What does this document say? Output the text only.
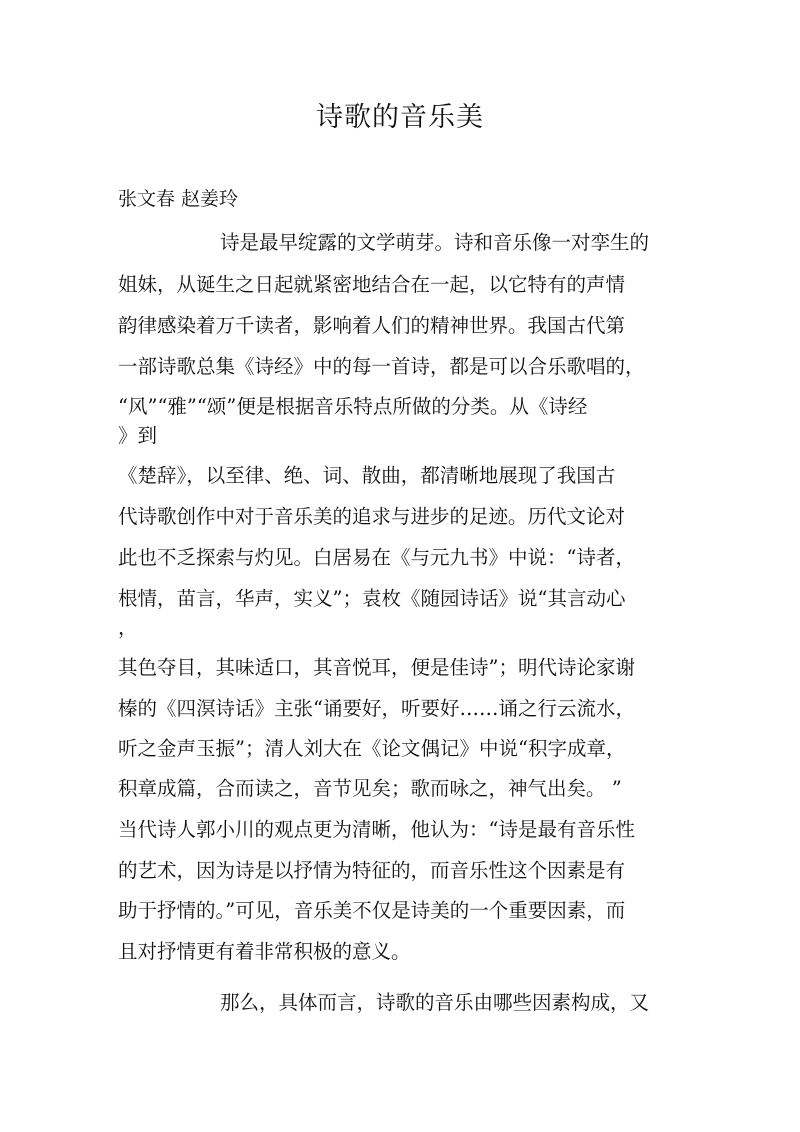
诗歌的音乐美
张文春 赵姜玲
诗是最早绽露的文学萌芽。诗和音乐像一对孪生的
姐妹，从诞生之日起就紧密地结合在一起，以它特有的声情
韵律感染着万千读者，影响着人们的精神世界。我国古代第
一部诗歌总集《诗经》中的每一首诗，都是可以合乐歌唱的，
“风”“雅”“颂”便是根据音乐特点所做的分类。从《诗经
》到
《楚辞》，以至律、绝、词、散曲，都清晰地展现了我国古
代诗歌创作中对于音乐美的追求与进步的足迹。历代文论对
此也不乏探索与灼见。白居易在《与元九书》中说：“诗者，
根情，苗言，华声，实义”；袁枚《随园诗话》说“其言动心
，
其色夺目，其味适口，其音悦耳，便是佳诗”；明代诗论家谢
榛的《四溟诗话》主张“诵要好，听要好……诵之行云流水，
听之金声玉振”；清人刘大在《论文偶记》中说“积字成章，
积章成篇，合而读之，音节见矣；歌而咏之，神气出矣。 ”
当代诗人郭小川的观点更为清晰，他认为：“诗是最有音乐性
的艺术，因为诗是以抒情为特征的，而音乐性这个因素是有
助于抒情的。”可见，音乐美不仅是诗美的一个重要因素，而
且对抒情更有着非常积极的意义。
那么，具体而言，诗歌的音乐由哪些因素构成，又
